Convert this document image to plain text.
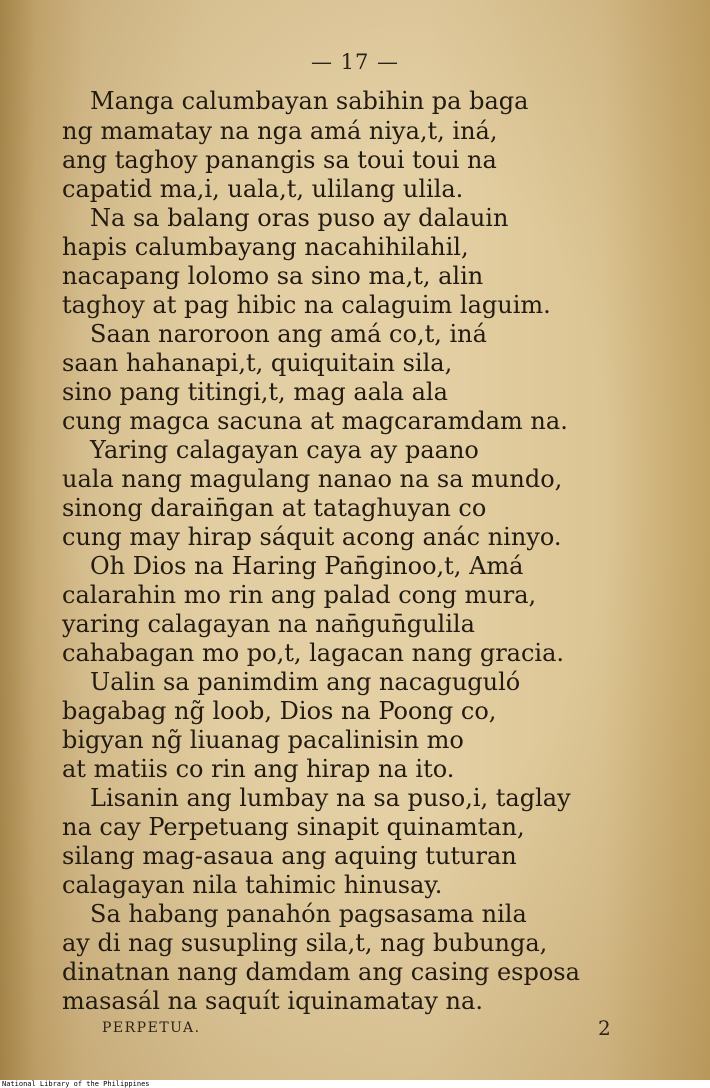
— 17 —
Manga calumbayan sabihin pa baga
ng mamatay na nga amá niya,t, iná,
ang taghoy panangis sa toui toui na
capatid ma,i, uala,t, ulilang ulila.
Na sa balang oras puso ay dalauin
hapis calumbayang nacahihilahil,
nacapang lolomo sa sino ma,t, alin
taghoy at pag hibic na calaguim laguim.
Saan naroroon ang amá co,t, iná
saan hahanapi,t, quiquitain sila,
sino pang titingi,t, mag aala ala
cung magca sacuna at magcaramdam na.
Yaring calagayan caya ay paano
uala nang magulang nanao na sa mundo,
sinong darain̄gan at tataghuyan co
cung may hirap sáquit acong anác ninyo.
Oh Dios na Haring Pan̄ginoo,t, Amá
calarahin mo rin ang palad cong mura,
yaring calagayan na nan̄gun̄gulila
cahabagan mo po,t, lagacan nang gracia.
Ualin sa panimdim ang nacaguguló
bagabag ng̃ loob, Dios na Poong co,
bigyan ng̃ liuanag pacalinisin mo
at matiis co rin ang hirap na ito.
Lisanin ang lumbay na sa puso,i, taglay
na cay Perpetuang sinapit quinamtan,
silang mag-asaua ang aquing tuturan
calagayan nila tahimic hinusay.
Sa habang panahón pagsasama nila
ay di nag susupling sila,t, nag bubunga,
dinatnan nang damdam ang casing esposa
masasál na saquít iquinamatay na.
PERPETUA.	2
National Library of the Philippines
